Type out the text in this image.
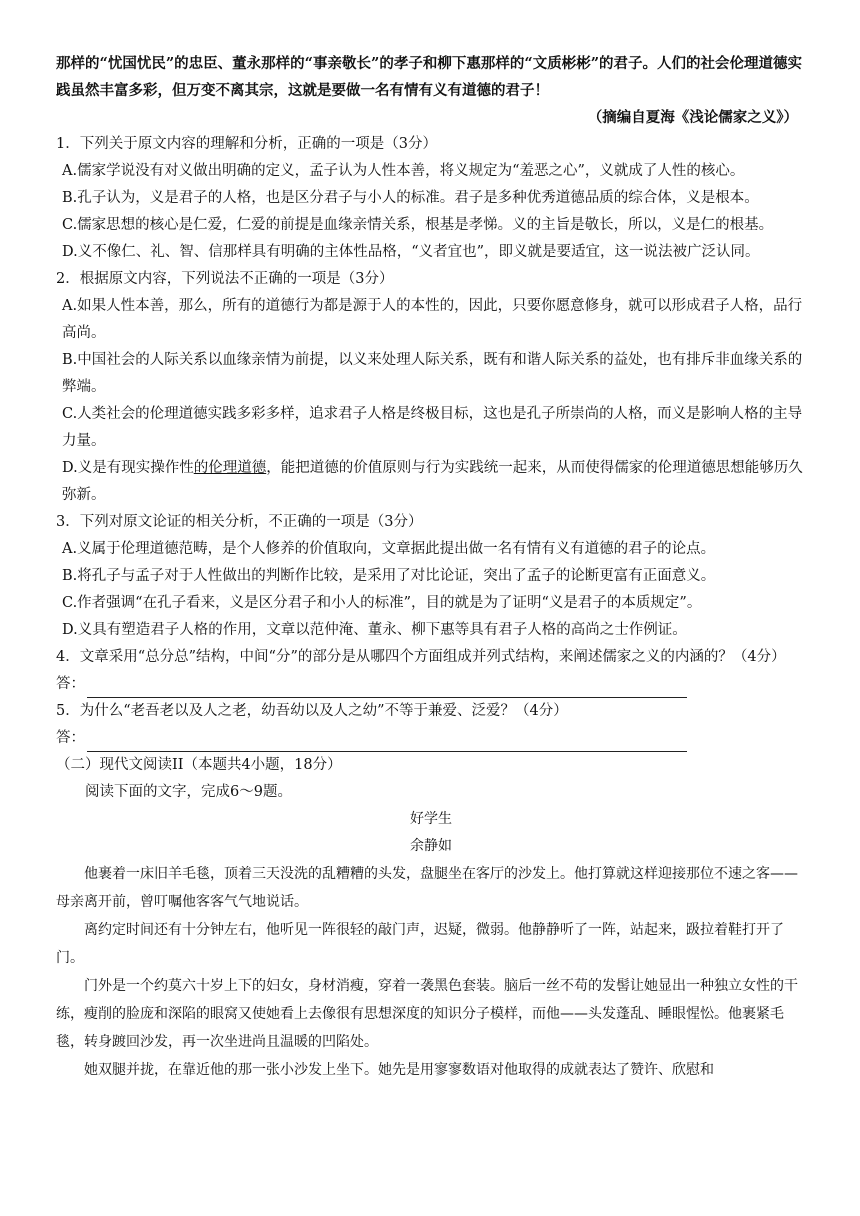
那样的“忧国忧民”的忠臣、董永那样的“事亲敬长”的孝子和柳下惠那样的“文质彬彬”的君子。人们的社会伦理道德实践虽然丰富多彩，但万变不离其宗，这就是要做一名有情有义有道德的君子！

（摘编自夏海《浅论儒家之义》）

1．下列关于原文内容的理解和分析，正确的一项是（3分）

A.儒家学说没有对义做出明确的定义，孟子认为人性本善，将义规定为“羞恶之心”，义就成了人性的核心。

B.孔子认为，义是君子的人格，也是区分君子与小人的标准。君子是多种优秀道德品质的综合体，义是根本。

C.儒家思想的核心是仁爱，仁爱的前提是血缘亲情关系，根基是孝悌。义的主旨是敬长，所以，义是仁的根基。

D.义不像仁、礼、智、信那样具有明确的主体性品格，“义者宜也”，即义就是要适宜，这一说法被广泛认同。

2．根据原文内容，下列说法不正确的一项是（3分）

A.如果人性本善，那么，所有的道德行为都是源于人的本性的，因此，只要你愿意修身，就可以形成君子人格，品行高尚。

B.中国社会的人际关系以血缘亲情为前提，以义来处理人际关系，既有和谐人际关系的益处，也有排斥非血缘关系的弊端。

C.人类社会的伦理道德实践多彩多样，追求君子人格是终极目标，这也是孔子所崇尚的人格，而义是影响人格的主导力量。

D.义是有现实操作性的伦理道德，能把道德的价值原则与行为实践统一起来，从而使得儒家的伦理道德思想能够历久弥新。

3．下列对原文论证的相关分析，不正确的一项是（3分）

A.义属于伦理道德范畴，是个人修养的价值取向，文章据此提出做一名有情有义有道德的君子的论点。

B.将孔子与孟子对于人性做出的判断作比较，是采用了对比论证，突出了孟子的论断更富有正面意义。

C.作者强调“在孔子看来，义是区分君子和小人的标准”，目的就是为了证明“义是君子的本质规定”。

D.义具有塑造君子人格的作用，文章以范仲淹、董永、柳下惠等具有君子人格的高尚之士作例证。

4．文章采用“总分总”结构，中间“分”的部分是从哪四个方面组成并列式结构，来阐述儒家之义的内涵的？（4分）

答：

5．为什么“老吾老以及人之老，幼吾幼以及人之幼”不等于兼爱、泛爱？（4分）

答：

（二）现代文阅读II（本题共4小题，18分）

阅读下面的文字，完成6～9题。

好学生

余静如

他裹着一床旧羊毛毯，顶着三天没洗的乱糟糟的头发，盘腿坐在客厅的沙发上。他打算就这样迎接那位不速之客——母亲离开前，曾叮嘱他客客气气地说话。

离约定时间还有十分钟左右，他听见一阵很轻的敲门声，迟疑，微弱。他静静听了一阵，站起来，趿拉着鞋打开了门。

门外是一个约莫六十岁上下的妇女，身材消瘦，穿着一袭黑色套装。脑后一丝不苟的发髻让她显出一种独立女性的干练，瘦削的脸庞和深陷的眼窝又使她看上去像很有思想深度的知识分子模样，而他——头发蓬乱、睡眼惺忪。他裹紧毛毯，转身踱回沙发，再一次坐进尚且温暖的凹陷处。

她双腿并拢，在靠近他的那一张小沙发上坐下。她先是用寥寥数语对他取得的成就表达了赞许、欣慰和
